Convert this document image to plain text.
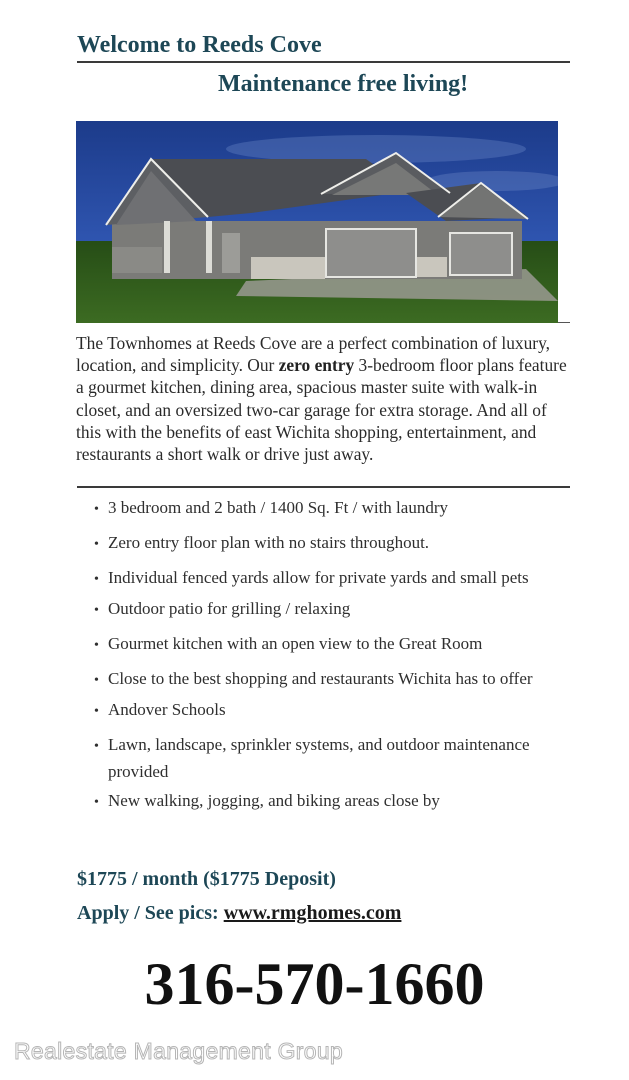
Welcome to Reeds Cove
Maintenance free living!

The Townhomes at Reeds Cove are a perfect combination of luxury, location, and simplicity. Our zero entry 3-bedroom floor plans feature a gourmet kitchen, dining area, spacious master suite with walk-in closet, and an oversized two-car garage for extra storage. And all of this with the benefits of east Wichita shopping, entertainment, and restaurants a short walk or drive just away.

• 3 bedroom and 2 bath / 1400 Sq. Ft / with laundry
• Zero entry floor plan with no stairs throughout.
• Individual fenced yards allow for private yards and small pets
• Outdoor patio for grilling / relaxing
• Gourmet kitchen with an open view to the Great Room
• Close to the best shopping and restaurants Wichita has to offer
• Andover Schools
• Lawn, landscape, sprinkler systems, and outdoor maintenance provided
• New walking, jogging, and biking areas close by

$1775 / month ($1775 Deposit)

Apply / See pics: www.rmghomes.com

316-570-1660

Realestate Management Group
